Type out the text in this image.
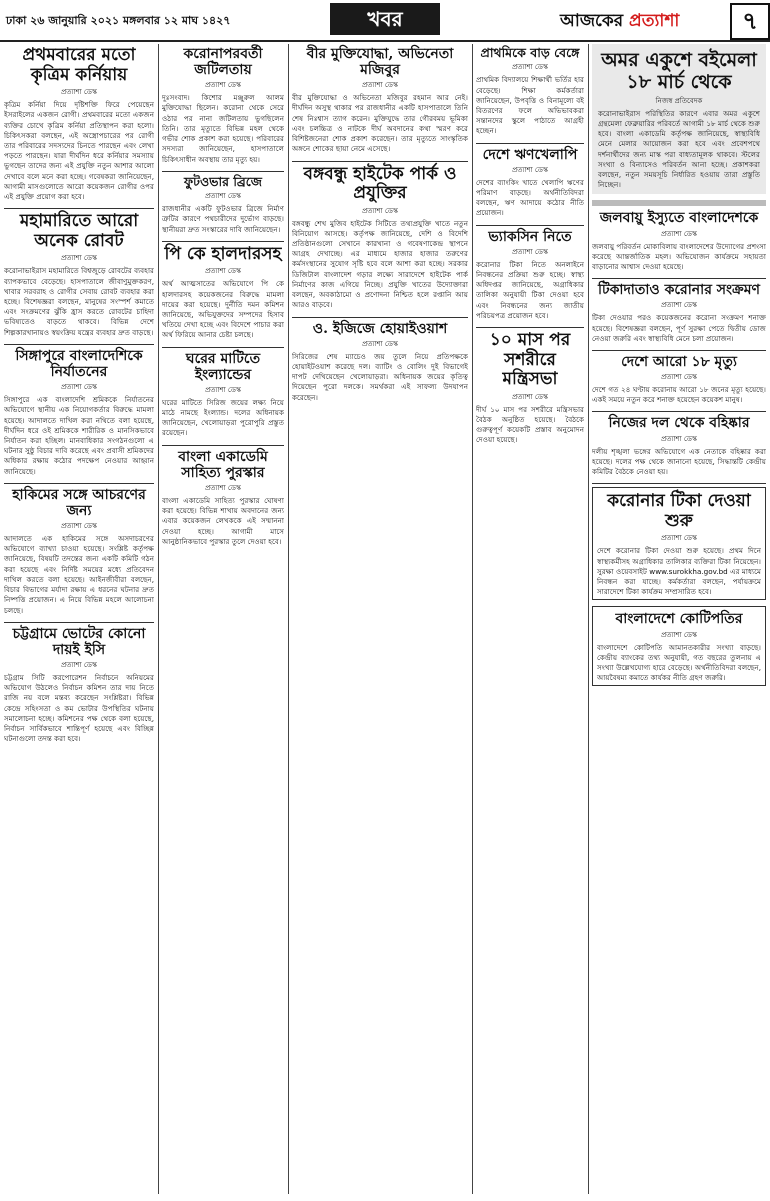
ঢাকা ২৬ জানুয়ারি ২০২১ মঙ্গলবার ১২ মাঘ ১৪২৭	খবর	আজকের প্রত্যাশা	৭
প্রথমবারের মতো কৃত্রিম কর্নিয়ায়
প্রত্যাশা ডেস্ক
কৃত্রিম কর্নিয়া দিয়ে দৃষ্টিশক্তি ফিরে পেয়েছেন ইসরাইলের একজন রোগী। প্রথমবারের মতো একজন ব্যক্তির চোখে কৃত্রিম কর্নিয়া প্রতিস্থাপন করা হলো। চিকিৎসকরা বলছেন, এই অস্ত্রোপচারের পর রোগী তার পরিবারের সদস্যদের চিনতে পারছেন এবং লেখা পড়তে পারছেন। যারা দীর্ঘদিন ধরে কর্নিয়ার সমস্যায় ভুগছেন তাদের জন্য এই প্রযুক্তি নতুন আশার আলো দেখাবে বলে মনে করা হচ্ছে। গবেষকরা জানিয়েছেন, আগামী মাসগুলোতে আরো কয়েকজন রোগীর ওপর এই প্রযুক্তি প্রয়োগ করা হবে।
মহামারিতে আরো অনেক রোবট
প্রত্যাশা ডেস্ক
করোনাভাইরাস মহামারিতে বিশ্বজুড়ে রোবটের ব্যবহার ব্যাপকভাবে বেড়েছে। হাসপাতালে জীবাণুমুক্তকরণ, খাবার সরবরাহ ও রোগীর সেবায় রোবট ব্যবহার করা হচ্ছে। বিশেষজ্ঞরা বলছেন, মানুষের সংস্পর্শ কমাতে এবং সংক্রমণের ঝুঁকি হ্রাস করতে রোবটের চাহিদা ভবিষ্যতেও বাড়তে থাকবে। বিভিন্ন দেশে শিল্পকারখানায়ও স্বয়ংক্রিয় যন্ত্রের ব্যবহার দ্রুত বাড়ছে।
সিঙ্গাপুরে বাংলাদেশিকে নির্যাতনের
প্রত্যাশা ডেস্ক
সিঙ্গাপুরে এক বাংলাদেশি শ্রমিককে নির্যাতনের অভিযোগে স্থানীয় এক নিয়োগকর্তার বিরুদ্ধে মামলা হয়েছে। আদালতে দাখিল করা নথিতে বলা হয়েছে, দীর্ঘদিন ধরে ওই শ্রমিককে শারীরিক ও মানসিকভাবে নির্যাতন করা হচ্ছিল। মানবাধিকার সংগঠনগুলো এ ঘটনার সুষ্ঠু বিচার দাবি করেছে এবং প্রবাসী শ্রমিকদের অধিকার রক্ষায় কঠোর পদক্ষেপ নেওয়ার আহ্বান জানিয়েছে।
হাকিমের সঙ্গে আচরণের জন্য
প্রত্যাশা ডেস্ক
আদালতে এক হাকিমের সঙ্গে অসদাচরণের অভিযোগে ব্যাখ্যা চাওয়া হয়েছে। সংশ্লিষ্ট কর্তৃপক্ষ জানিয়েছে, বিষয়টি তদন্তের জন্য একটি কমিটি গঠন করা হয়েছে এবং নির্দিষ্ট সময়ের মধ্যে প্রতিবেদন দাখিল করতে বলা হয়েছে। আইনজীবীরা বলছেন, বিচার বিভাগের মর্যাদা রক্ষায় এ ধরনের ঘটনার দ্রুত নিষ্পত্তি প্রয়োজন। এ নিয়ে বিভিন্ন মহলে আলোচনা চলছে।
চট্টগ্রামে ভোটের কোনো দায়ই ইসি
প্রত্যাশা ডেস্ক
চট্টগ্রাম সিটি করপোরেশন নির্বাচনে অনিয়মের অভিযোগ উঠলেও নির্বাচন কমিশন তার দায় নিতে রাজি নয় বলে মন্তব্য করেছেন সংশ্লিষ্টরা। বিভিন্ন কেন্দ্রে সহিংসতা ও কম ভোটার উপস্থিতির ঘটনায় সমালোচনা হচ্ছে। কমিশনের পক্ষ থেকে বলা হয়েছে, নির্বাচন সার্বিকভাবে শান্তিপূর্ণ হয়েছে এবং বিচ্ছিন্ন ঘটনাগুলো তদন্ত করা হবে।
করোনাপরবর্তী জটিলতায়
প্রত্যাশা ডেস্ক
দুঃসংবাদ। কিশোর মঞ্জুরুল আলম মুক্তিযোদ্ধা ছিলেন। করোনা থেকে সেরে ওঠার পর নানা জটিলতায় ভুগছিলেন তিনি। তার মৃত্যুতে বিভিন্ন মহল থেকে গভীর শোক প্রকাশ করা হয়েছে। পরিবারের সদস্যরা জানিয়েছেন, হাসপাতালে চিকিৎসাধীন অবস্থায় তার মৃত্যু হয়।
ফুটওভার ব্রিজে
প্রত্যাশা ডেস্ক
রাজধানীর একটি ফুটওভার ব্রিজে নির্মাণ ত্রুটির কারণে পথচারীদের দুর্ভোগ বাড়ছে। স্থানীয়রা দ্রুত সংস্কারের দাবি জানিয়েছেন।
পি কে হালদারসহ
প্রত্যাশা ডেস্ক
অর্থ আত্মসাতের অভিযোগে পি কে হালদারসহ কয়েকজনের বিরুদ্ধে মামলা দায়ের করা হয়েছে। দুর্নীতি দমন কমিশন জানিয়েছে, অভিযুক্তদের সম্পদের হিসাব খতিয়ে দেখা হচ্ছে এবং বিদেশে পাচার করা অর্থ ফিরিয়ে আনার চেষ্টা চলছে।
ঘরের মাটিতে ইংল্যান্ডের
প্রত্যাশা ডেস্ক
ঘরের মাটিতে সিরিজ জয়ের লক্ষ্য নিয়ে মাঠে নামছে ইংল্যান্ড। দলের অধিনায়ক জানিয়েছেন, খেলোয়াড়রা পুরোপুরি প্রস্তুত রয়েছেন।
বাংলা একাডেমি সাহিত্য পুরস্কার
প্রত্যাশা ডেস্ক
বাংলা একাডেমি সাহিত্য পুরস্কার ঘোষণা করা হয়েছে। বিভিন্ন শাখায় অবদানের জন্য এবার কয়েকজন লেখককে এই সম্মাননা দেওয়া হচ্ছে। আগামী মাসে আনুষ্ঠানিকভাবে পুরস্কার তুলে দেওয়া হবে।
বীর মুক্তিযোদ্ধা, অভিনেতা মজিবুর
প্রত্যাশা ডেস্ক
বীর মুক্তিযোদ্ধা ও অভিনেতা মজিবুর রহমান আর নেই। দীর্ঘদিন অসুস্থ থাকার পর রাজধানীর একটি হাসপাতালে তিনি শেষ নিঃশ্বাস ত্যাগ করেন। মুক্তিযুদ্ধে তার গৌরবময় ভূমিকা এবং চলচ্চিত্র ও নাটকে দীর্ঘ অবদানের কথা স্মরণ করে বিশিষ্টজনেরা শোক প্রকাশ করেছেন। তার মৃত্যুতে সাংস্কৃতিক অঙ্গনে শোকের ছায়া নেমে এসেছে।
বঙ্গবন্ধু হাইটেক পার্ক ও প্রযুক্তির
প্রত্যাশা ডেস্ক
বঙ্গবন্ধু শেখ মুজিব হাইটেক সিটিতে তথ্যপ্রযুক্তি খাতে নতুন বিনিয়োগ আসছে। কর্তৃপক্ষ জানিয়েছে, দেশি ও বিদেশি প্রতিষ্ঠানগুলো সেখানে কারখানা ও গবেষণাকেন্দ্র স্থাপনে আগ্রহ দেখাচ্ছে। এর মাধ্যমে হাজার হাজার তরুণের কর্মসংস্থানের সুযোগ সৃষ্টি হবে বলে আশা করা হচ্ছে। সরকার ডিজিটাল বাংলাদেশ গড়ার লক্ষ্যে সারাদেশে হাইটেক পার্ক নির্মাণের কাজ এগিয়ে নিচ্ছে। প্রযুক্তি খাতের উদ্যোক্তারা বলছেন, অবকাঠামো ও প্রণোদনা নিশ্চিত হলে রপ্তানি আয় আরও বাড়বে।
ও. ইজিজে হোয়াইওয়াশ
প্রত্যাশা ডেস্ক
সিরিজের শেষ ম্যাচেও জয় তুলে নিয়ে প্রতিপক্ষকে হোয়াইটওয়াশ করেছে দল। ব্যাটিং ও বোলিং দুই বিভাগেই দাপট দেখিয়েছেন খেলোয়াড়রা। অধিনায়ক জয়ের কৃতিত্ব দিয়েছেন পুরো দলকে। সমর্থকরা এই সাফল্য উদযাপন করেছেন।
প্রাথমিকে বাড় বেঙ্গে
প্রত্যাশা ডেস্ক
প্রাথমিক বিদ্যালয়ে শিক্ষার্থী ভর্তির হার বেড়েছে। শিক্ষা কর্মকর্তারা জানিয়েছেন, উপবৃত্তি ও বিনামূল্যে বই বিতরণের ফলে অভিভাবকরা সন্তানদের স্কুলে পাঠাতে আগ্রহী হচ্ছেন।
দেশে ঋণখেলাপি
প্রত্যাশা ডেস্ক
দেশের ব্যাংকিং খাতে খেলাপি ঋণের পরিমাণ বাড়ছে। অর্থনীতিবিদরা বলছেন, ঋণ আদায়ে কঠোর নীতি প্রয়োজন।
ভ্যাকসিন নিতে
প্রত্যাশা ডেস্ক
করোনার টিকা নিতে অনলাইনে নিবন্ধনের প্রক্রিয়া শুরু হচ্ছে। স্বাস্থ্য অধিদপ্তর জানিয়েছে, অগ্রাধিকার তালিকা অনুযায়ী টিকা দেওয়া হবে এবং নিবন্ধনের জন্য জাতীয় পরিচয়পত্র প্রয়োজন হবে।
১০ মাস পর সশরীরে মন্ত্রিসভা
প্রত্যাশা ডেস্ক
দীর্ঘ ১০ মাস পর সশরীরে মন্ত্রিসভার বৈঠক অনুষ্ঠিত হয়েছে। বৈঠকে গুরুত্বপূর্ণ কয়েকটি প্রস্তাব অনুমোদন দেওয়া হয়েছে।
অমর একুশে বইমেলা ১৮ মার্চ থেকে
নিজস্ব প্রতিবেদক
করোনাভাইরাস পরিস্থিতির কারণে এবার অমর একুশে গ্রন্থমেলা ফেব্রুয়ারির পরিবর্তে আগামী ১৮ মার্চ থেকে শুরু হবে। বাংলা একাডেমি কর্তৃপক্ষ জানিয়েছে, স্বাস্থ্যবিধি মেনে মেলার আয়োজন করা হবে এবং প্রবেশপথে দর্শনার্থীদের জন্য মাস্ক পরা বাধ্যতামূলক থাকবে। স্টলের সংখ্যা ও বিন্যাসেও পরিবর্তন আনা হচ্ছে। প্রকাশকরা বলছেন, নতুন সময়সূচি নির্ধারিত হওয়ায় তারা প্রস্তুতি নিচ্ছেন।
জলবায়ু ইস্যুতে বাংলাদেশকে
প্রত্যাশা ডেস্ক
জলবায়ু পরিবর্তন মোকাবিলায় বাংলাদেশের উদ্যোগের প্রশংসা করেছে আন্তর্জাতিক মহল। অভিযোজন কার্যক্রমে সহায়তা বাড়ানোর আশ্বাস দেওয়া হয়েছে।
টিকাদাতাও করোনার সংক্রমণ
প্রত্যাশা ডেস্ক
টিকা দেওয়ার পরও কয়েকজনের করোনা সংক্রমণ শনাক্ত হয়েছে। বিশেষজ্ঞরা বলছেন, পূর্ণ সুরক্ষা পেতে দ্বিতীয় ডোজ নেওয়া জরুরি এবং স্বাস্থ্যবিধি মেনে চলা প্রয়োজন।
দেশে আরো ১৮ মৃত্যু
প্রত্যাশা ডেস্ক
দেশে গত ২৪ ঘণ্টায় করোনায় আরো ১৮ জনের মৃত্যু হয়েছে। একই সময়ে নতুন করে শনাক্ত হয়েছেন কয়েকশ মানুষ।
নিজের দল থেকে বহিষ্কার
প্রত্যাশা ডেস্ক
দলীয় শৃঙ্খলা ভঙ্গের অভিযোগে এক নেতাকে বহিষ্কার করা হয়েছে। দলের পক্ষ থেকে জানানো হয়েছে, সিদ্ধান্তটি কেন্দ্রীয় কমিটির বৈঠকে নেওয়া হয়।
করোনার টিকা দেওয়া শুরু
প্রত্যাশা ডেস্ক
দেশে করোনার টিকা দেওয়া শুরু হয়েছে। প্রথম দিনে স্বাস্থ্যকর্মীসহ অগ্রাধিকার তালিকার ব্যক্তিরা টিকা নিয়েছেন। সুরক্ষা ওয়েবসাইট www.surokkha.gov.bd এর মাধ্যমে নিবন্ধন করা যাচ্ছে। কর্মকর্তারা বলছেন, পর্যায়ক্রমে সারাদেশে টিকা কার্যক্রম সম্প্রসারিত হবে।
বাংলাদেশে কোটিপতির
প্রত্যাশা ডেস্ক
বাংলাদেশে কোটিপতি আমানতকারীর সংখ্যা বাড়ছে। কেন্দ্রীয় ব্যাংকের তথ্য অনুযায়ী, গত বছরের তুলনায় এ সংখ্যা উল্লেখযোগ্য হারে বেড়েছে। অর্থনীতিবিদরা বলছেন, আয়বৈষম্য কমাতে কার্যকর নীতি গ্রহণ জরুরি।
